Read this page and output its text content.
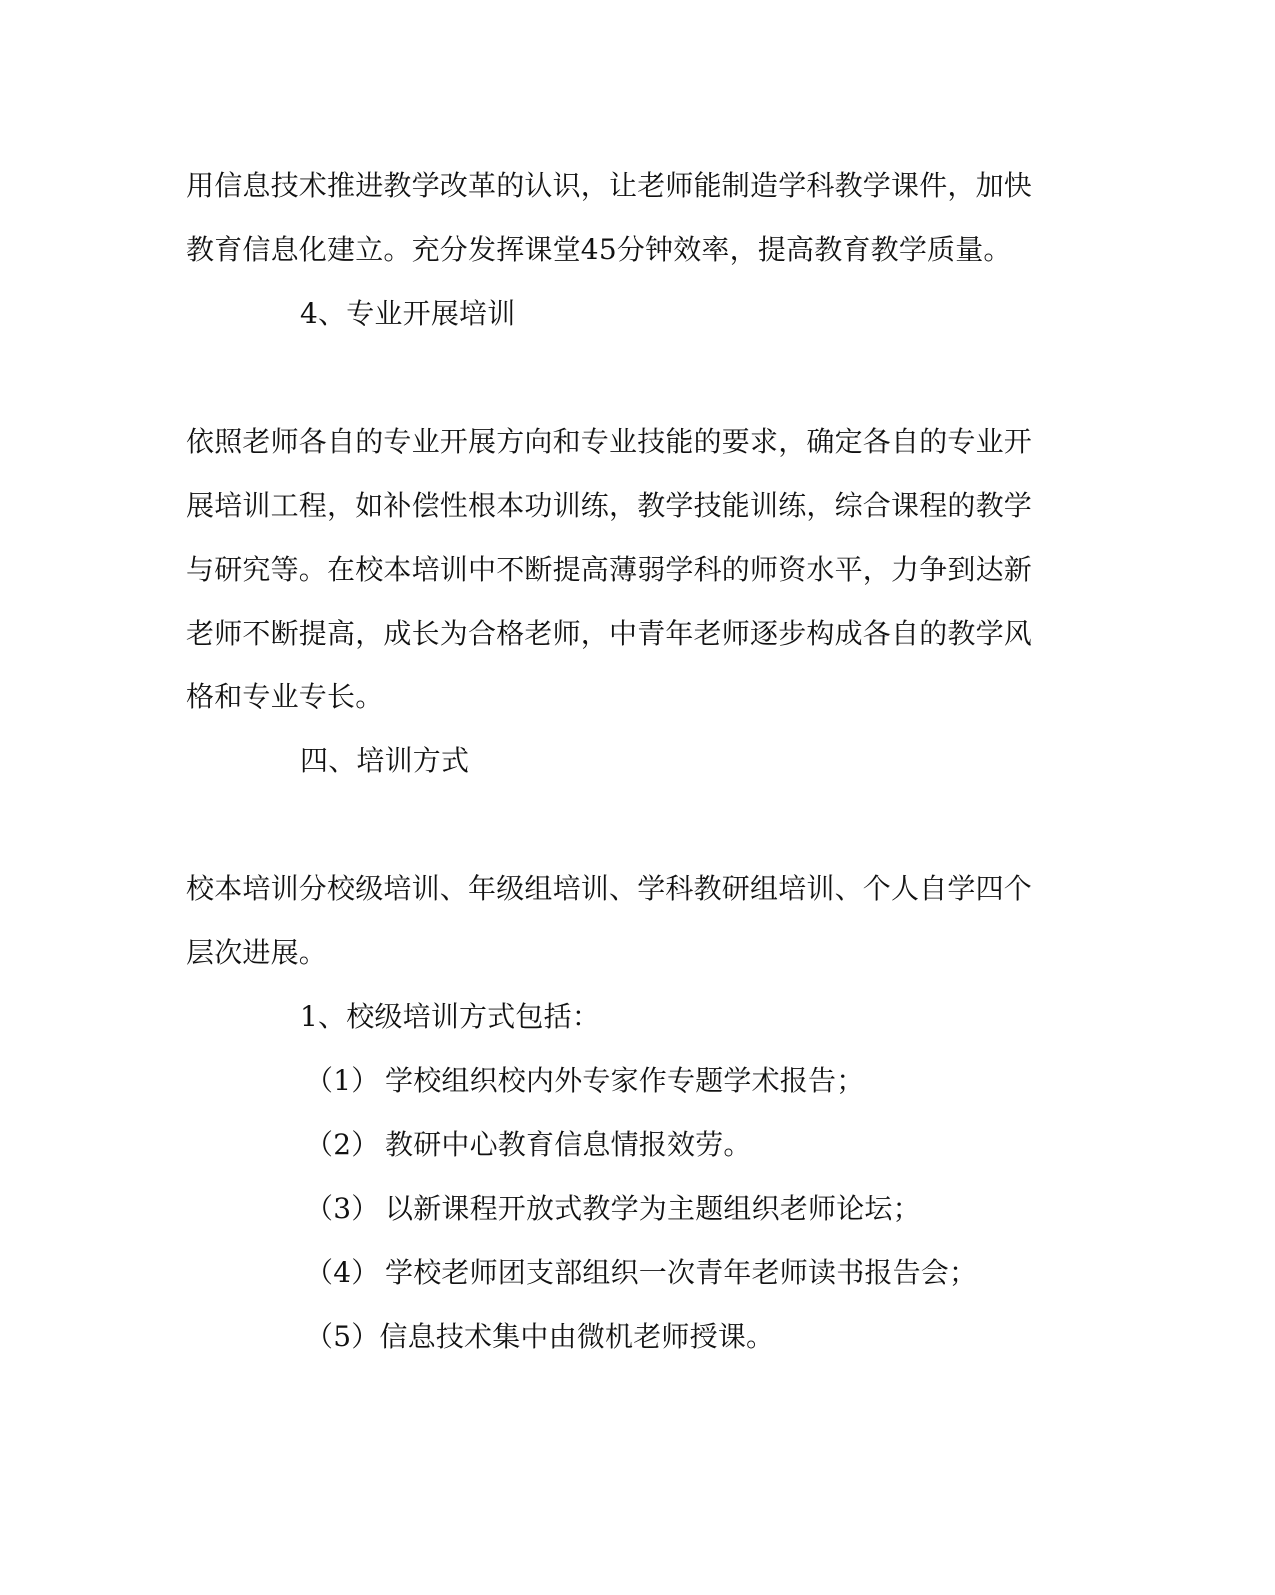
用信息技术推进教学改革的认识，让老师能制造学科教学课件，加快
教育信息化建立。充分发挥课堂45分钟效率，提高教育教学质量。
4、专业开展培训
依照老师各自的专业开展方向和专业技能的要求，确定各自的专业开
展培训工程，如补偿性根本功训练，教学技能训练，综合课程的教学
与研究等。在校本培训中不断提高薄弱学科的师资水平，力争到达新
老师不断提高，成长为合格老师，中青年老师逐步构成各自的教学风
格和专业专长。
四、培训方式
校本培训分校级培训、年级组培训、学科教研组培训、个人自学四个
层次进展。
1、校级培训方式包括：
（1） 学校组织校内外专家作专题学术报告；
（2） 教研中心教育信息情报效劳。
（3） 以新课程开放式教学为主题组织老师论坛；
（4） 学校老师团支部组织一次青年老师读书报告会；
（5）信息技术集中由微机老师授课。
